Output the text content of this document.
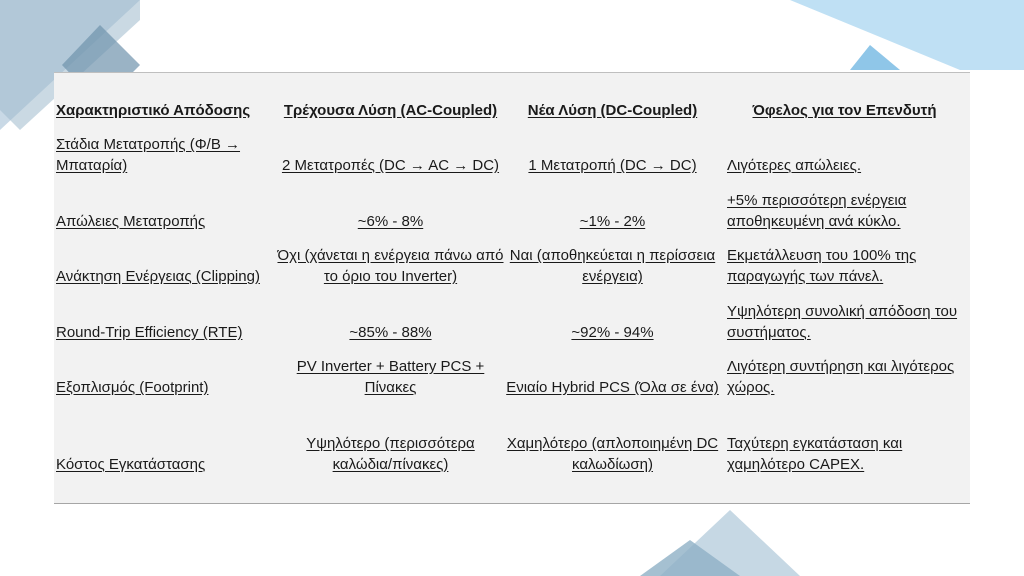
Χαρακτηριστικό Απόδοσης	Τρέχουσα Λύση (AC-Coupled)	Νέα Λύση (DC-Coupled)	Όφελος για τον Επενδυτή
Στάδια Μετατροπής (Φ/Β → Μπαταρία)	2 Μετατροπές (DC → AC → DC)	1 Μετατροπή (DC → DC)	Λιγότερες απώλειες.
Απώλειες Μετατροπής	~6% - 8%	~1% - 2%	+5% περισσότερη ενέργεια αποθηκευμένη ανά κύκλο.
Ανάκτηση Ενέργειας (Clipping)	Όχι (χάνεται η ενέργεια πάνω από το όριο του Inverter)	Ναι (αποθηκεύεται η περίσσεια ενέργεια)	Εκμετάλλευση του 100% της παραγωγής των πάνελ.
Round-Trip Efficiency (RTE)	~85% - 88%	~92% - 94%	Υψηλότερη συνολική απόδοση του συστήματος.
Εξοπλισμός (Footprint)	PV Inverter + Battery PCS + Πίνακες	Ενιαίο Hybrid PCS (Όλα σε ένα)	Λιγότερη συντήρηση και λιγότερος χώρος.
Κόστος Εγκατάστασης	Υψηλότερο (περισσότερα καλώδια/πίνακες)	Χαμηλότερο (απλοποιημένη DC καλωδίωση)	Ταχύτερη εγκατάσταση και χαμηλότερο CAPEX.
